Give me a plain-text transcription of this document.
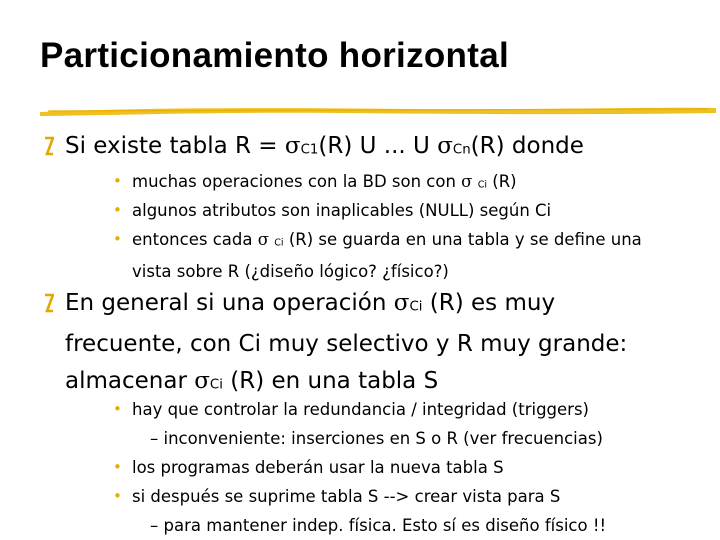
Particionamiento horizontal
Si existe tabla R = σC1(R) U ... U σCn(R) donde
• muchas operaciones con la BD son con σ Ci (R)
• algunos atributos son inaplicables (NULL) según Ci
• entonces cada σ Ci (R) se guarda en una tabla y se define una
vista sobre R (¿diseño lógico? ¿físico?)
En general si una operación σCi (R) es muy
frecuente, con Ci muy selectivo y R muy grande:
almacenar σCi (R) en una tabla S
• hay que controlar la redundancia / integridad (triggers)
– inconveniente: inserciones en S o R (ver frecuencias)
• los programas deberán usar la nueva tabla S
• si después se suprime tabla S --> crear vista para S
– para mantener indep. física. Esto sí es diseño físico !!
